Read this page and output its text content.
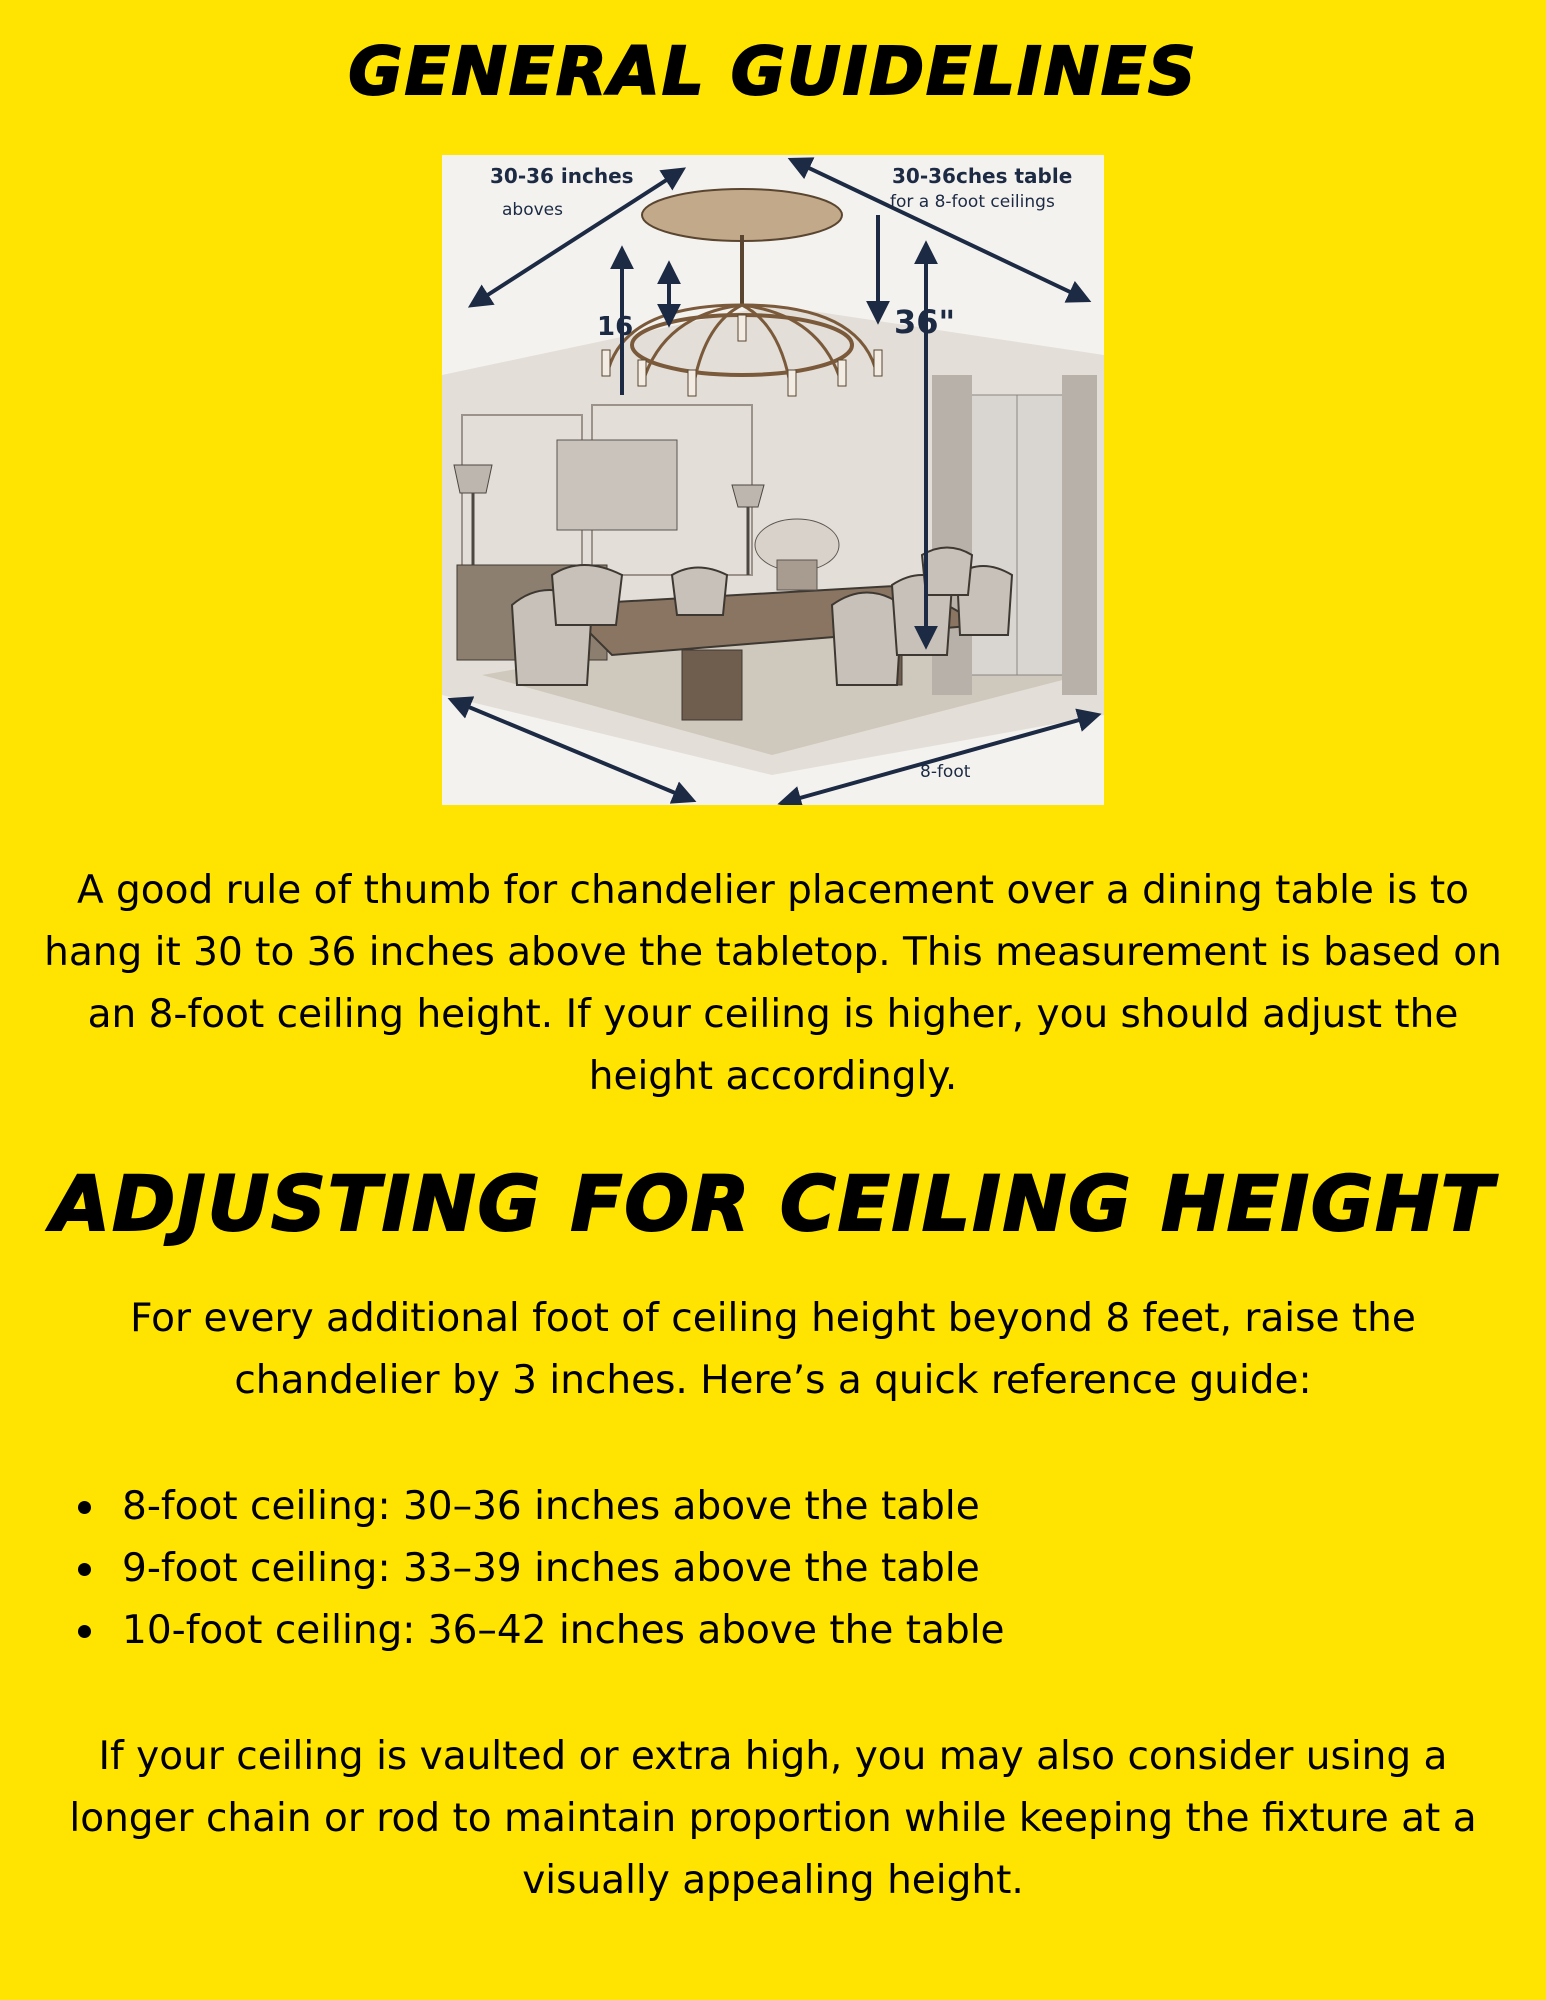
GENERAL GUIDELINES
30-36 inches
aboves
30-36ches table
for a 8-foot ceilings
16	36"
8-foot

A good rule of thumb for chandelier placement over a dining table is to hang it 30 to 36 inches above the tabletop. This measurement is based on an 8-foot ceiling height. If your ceiling is higher, you should adjust the height accordingly.

ADJUSTING FOR CEILING HEIGHT

For every additional foot of ceiling height beyond 8 feet, raise the chandelier by 3 inches. Here’s a quick reference guide:

8-foot ceiling: 30–36 inches above the table
9-foot ceiling: 33–39 inches above the table
10-foot ceiling: 36–42 inches above the table

If your ceiling is vaulted or extra high, you may also consider using a longer chain or rod to maintain proportion while keeping the fixture at a visually appealing height.
